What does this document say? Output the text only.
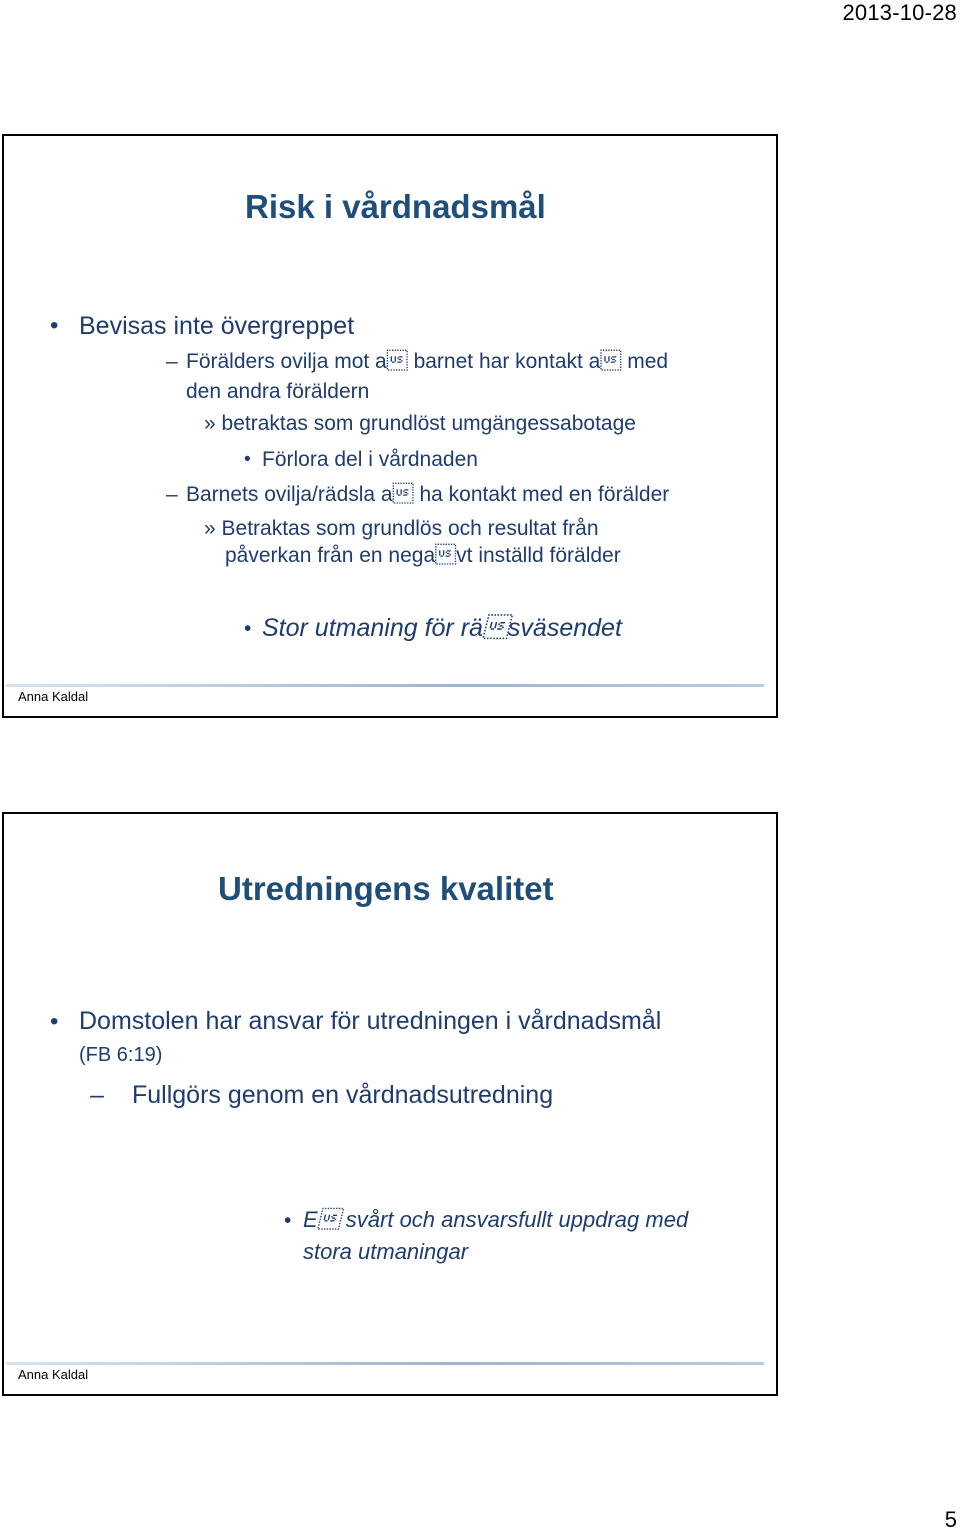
2013-10-28
Risk i vårdnadsmål
• Bevisas inte övergreppet
– Förälders ovilja mot a barnet har kontakt a med
den andra föräldern
» betraktas som grundlöst umgängessabotage
• Förlora del i vårdnaden
– Barnets ovilja/rädsla a ha kontakt med en förälder
» Betraktas som grundlös och resultat från
påverkan från en negavt inställd förälder
• Stor utmaning för räsväsendet
Anna Kaldal
Utredningens kvalitet
• Domstolen har ansvar för utredningen i vårdnadsmål
(FB 6:19)
– Fullgörs genom en vårdnadsutredning
• E svårt och ansvarsfullt uppdrag med
stora utmaningar
Anna Kaldal
5
